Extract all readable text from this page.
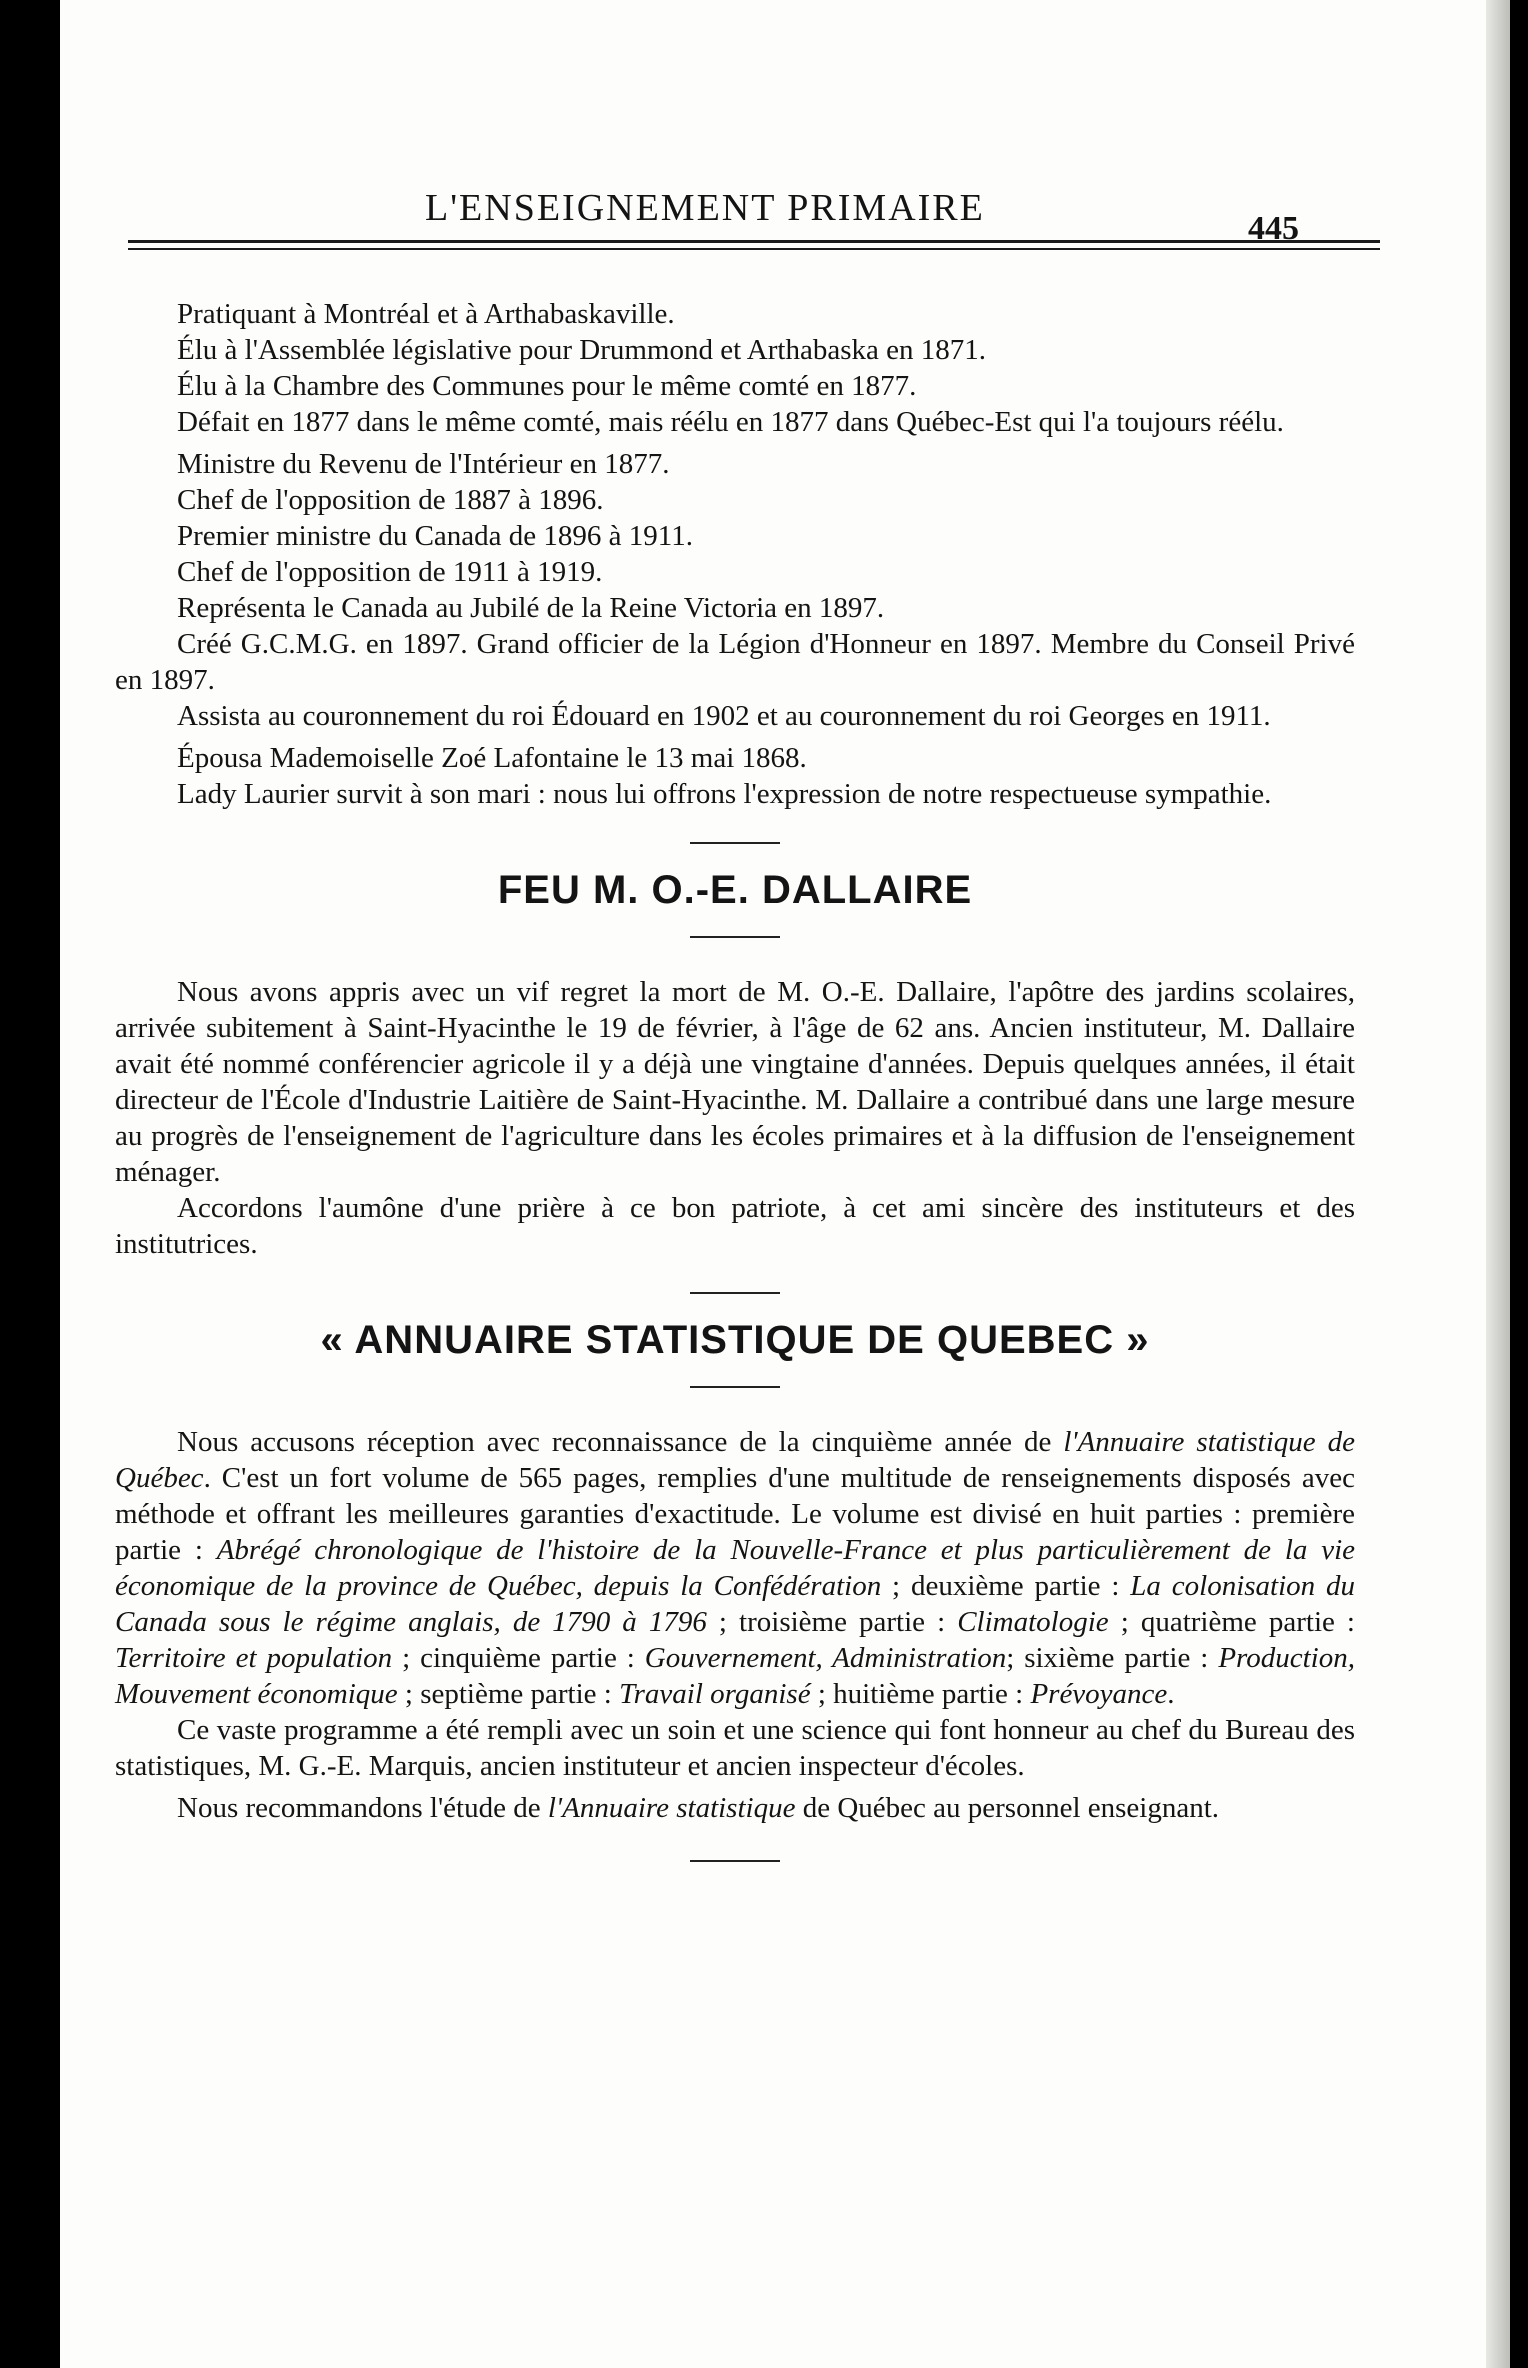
L'ENSEIGNEMENT PRIMAIRE	445
Pratiquant à Montréal et à Arthabaskaville.
Élu à l'Assemblée législative pour Drummond et Arthabaska en 1871.
Élu à la Chambre des Communes pour le même comté en 1877.

Défait en 1877 dans le même comté, mais réélu en 1877 dans Québec-Est qui l'a toujours réélu.

Ministre du Revenu de l'Intérieur en 1877.
Chef de l'opposition de 1887 à 1896.
Premier ministre du Canada de 1896 à 1911.
Chef de l'opposition de 1911 à 1919.
Représenta le Canada au Jubilé de la Reine Victoria en 1897.

Créé G.C.M.G. en 1897. Grand officier de la Légion d'Honneur en 1897. Membre du Conseil Privé en 1897.

Assista au couronnement du roi Édouard en 1902 et au couronnement du roi Georges en 1911.

Épousa Mademoiselle Zoé Lafontaine le 13 mai 1868.

Lady Laurier survit à son mari : nous lui offrons l'expression de notre respectueuse sympathie.

FEU M. O.-E. DALLAIRE

Nous avons appris avec un vif regret la mort de M. O.-E. Dallaire, l'apôtre des jardins scolaires, arrivée subitement à Saint-Hyacinthe le 19 de février, à l'âge de 62 ans. Ancien instituteur, M. Dallaire avait été nommé conférencier agricole il y a déjà une vingtaine d'années. Depuis quelques années, il était directeur de l'École d'Industrie Laitière de Saint-Hyacinthe. M. Dallaire a contribué dans une large mesure au progrès de l'enseignement de l'agriculture dans les écoles primaires et à la diffusion de l'enseignement ménager.

Accordons l'aumône d'une prière à ce bon patriote, à cet ami sincère des instituteurs et des institutrices.

« ANNUAIRE STATISTIQUE DE QUEBEC »

Nous accusons réception avec reconnaissance de la cinquième année de l'Annuaire statistique de Québec. C'est un fort volume de 565 pages, remplies d'une multitude de renseignements disposés avec méthode et offrant les meilleures garanties d'exactitude. Le volume est divisé en huit parties : première partie : Abrégé chronologique de l'histoire de la Nouvelle-France et plus particulièrement de la vie économique de la province de Québec, depuis la Confédération ; deuxième partie : La colonisation du Canada sous le régime anglais, de 1790 à 1796 ; troisième partie : Climatologie ; quatrième partie : Territoire et population ; cinquième partie : Gouvernement, Administration; sixième partie : Production, Mouvement économique ; septième partie : Travail organisé ; huitième partie : Prévoyance.

Ce vaste programme a été rempli avec un soin et une science qui font honneur au chef du Bureau des statistiques, M. G.-E. Marquis, ancien instituteur et ancien inspecteur d'écoles.

Nous recommandons l'étude de l'Annuaire statistique de Québec au personnel enseignant.
